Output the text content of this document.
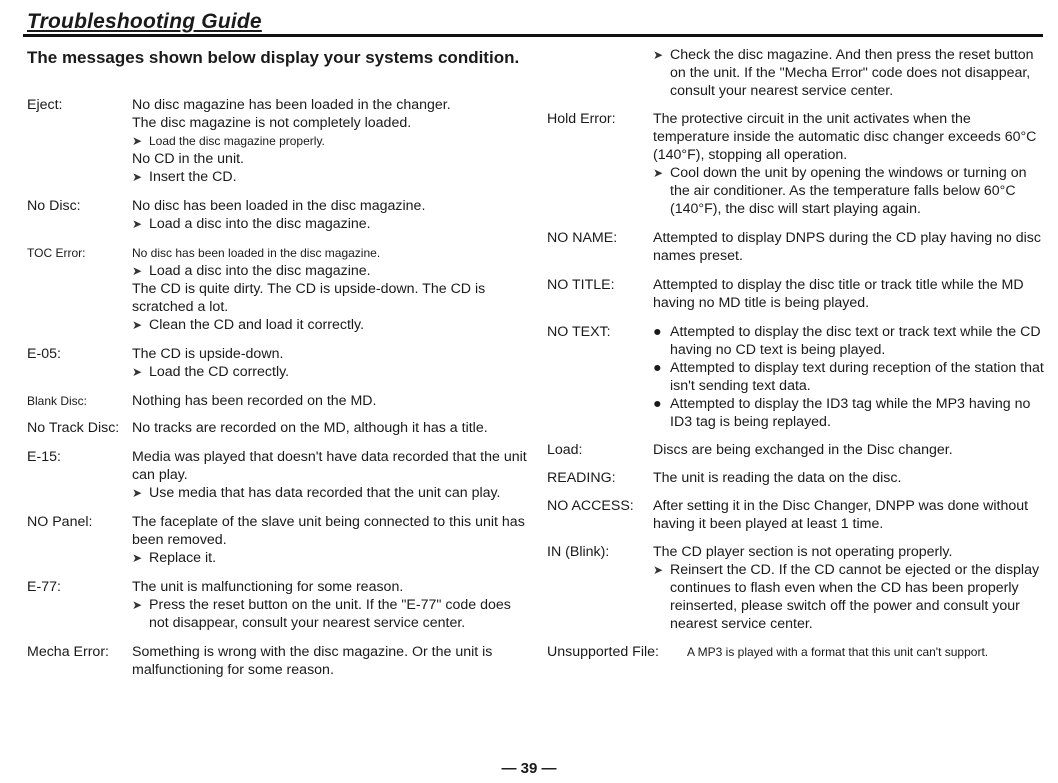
Troubleshooting Guide
The messages shown below display your systems condition.
Eject:	No disc magazine has been loaded in the changer.
The disc magazine is not completely loaded.
➤ Load the disc magazine properly.
No CD in the unit.
➤ Insert the CD.
No Disc:	No disc has been loaded in the disc magazine.
➤ Load a disc into the disc magazine.
TOC Error:	No disc has been loaded in the disc magazine.
➤ Load a disc into the disc magazine.
The CD is quite dirty. The CD is upside-down. The CD is scratched a lot.
➤ Clean the CD and load it correctly.
E-05:	The CD is upside-down.
➤ Load the CD correctly.
Blank Disc:	Nothing has been recorded on the MD.
No Track Disc: No tracks are recorded on the MD, although it has a title.
E-15:	Media was played that doesn't have data recorded that the unit can play.
➤ Use media that has data recorded that the unit can play.
NO Panel:	The faceplate of the slave unit being connected to this unit has been removed.
➤ Replace it.
E-77:	The unit is malfunctioning for some reason.
➤ Press the reset button on the unit. If the "E-77" code does not disappear, consult your nearest service center.
Mecha Error:	Something is wrong with the disc magazine. Or the unit is malfunctioning for some reason.
➤ Check the disc magazine. And then press the reset button on the unit. If the "Mecha Error" code does not disappear, consult your nearest service center.
Hold Error:	The protective circuit in the unit activates when the temperature inside the automatic disc changer exceeds 60°C (140°F), stopping all operation.
➤ Cool down the unit by opening the windows or turning on the air conditioner. As the temperature falls below 60°C (140°F), the disc will start playing again.
NO NAME:	Attempted to display DNPS during the CD play having no disc names preset.
NO TITLE:	Attempted to display the disc title or track title while the MD having no MD title is being played.
NO TEXT:	● Attempted to display the disc text or track text while the CD having no CD text is being played.
● Attempted to display text during reception of the station that isn't sending text data.
● Attempted to display the ID3 tag while the MP3 having no ID3 tag is being replayed.
Load:	Discs are being exchanged in the Disc changer.
READING:	The unit is reading the data on the disc.
NO ACCESS:	After setting it in the Disc Changer, DNPP was done without having it been played at least 1 time.
IN (Blink):	The CD player section is not operating properly.
➤ Reinsert the CD. If the CD cannot be ejected or the display continues to flash even when the CD has been properly reinserted, please switch off the power and consult your nearest service center.
Unsupported File:	A MP3 is played with a format that this unit can't support.
— 39 —
